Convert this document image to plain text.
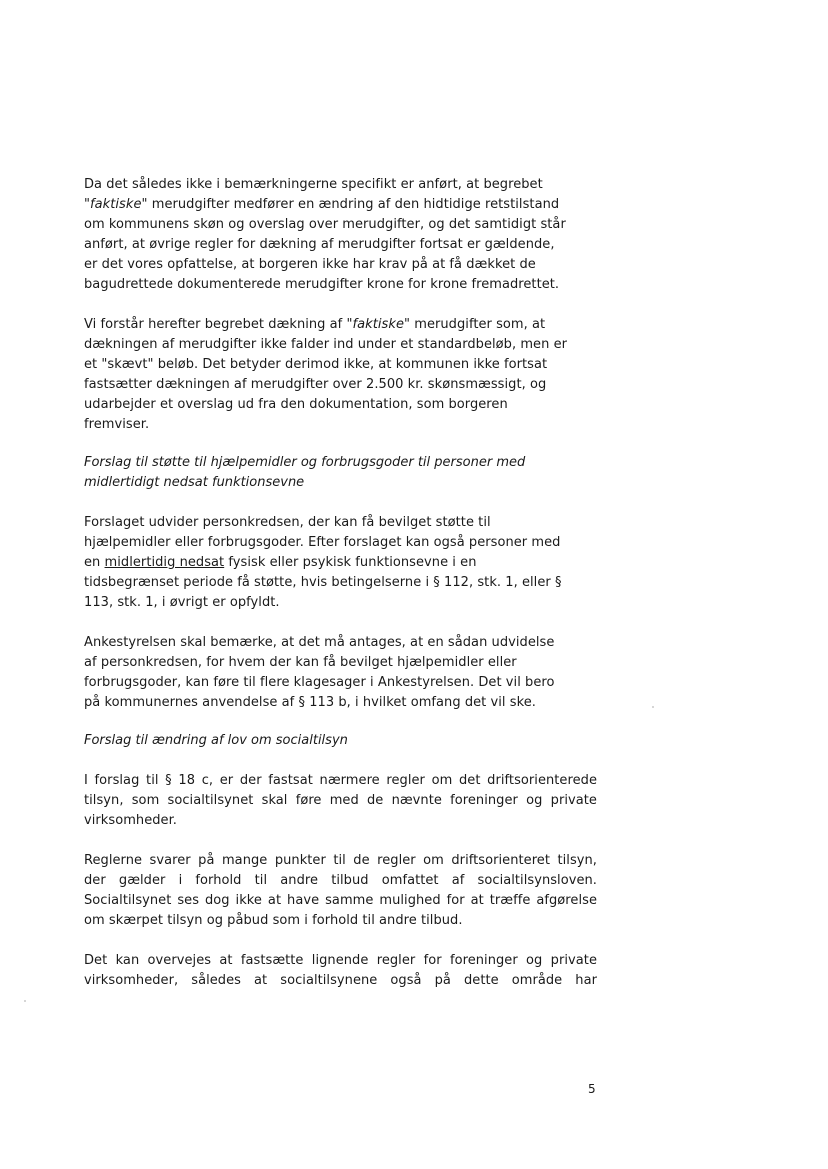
Da det således ikke i bemærkningerne specifikt er anført, at begrebet
"faktiske" merudgifter medfører en ændring af den hidtidige retstilstand
om kommunens skøn og overslag over merudgifter, og det samtidigt står
anført, at øvrige regler for dækning af merudgifter fortsat er gældende,
er det vores opfattelse, at borgeren ikke har krav på at få dækket de
bagudrettede dokumenterede merudgifter krone for krone fremadrettet.

Vi forstår herefter begrebet dækning af "faktiske" merudgifter som, at
dækningen af merudgifter ikke falder ind under et standardbeløb, men er
et "skævt" beløb. Det betyder derimod ikke, at kommunen ikke fortsat
fastsætter dækningen af merudgifter over 2.500 kr. skønsmæssigt, og
udarbejder et overslag ud fra den dokumentation, som borgeren
fremviser.

Forslag til støtte til hjælpemidler og forbrugsgoder til personer med
midlertidigt nedsat funktionsevne

Forslaget udvider personkredsen, der kan få bevilget støtte til
hjælpemidler eller forbrugsgoder. Efter forslaget kan også personer med
en midlertidig nedsat fysisk eller psykisk funktionsevne i en
tidsbegrænset periode få støtte, hvis betingelserne i § 112, stk. 1, eller §
113, stk. 1, i øvrigt er opfyldt.

Ankestyrelsen skal bemærke, at det må antages, at en sådan udvidelse
af personkredsen, for hvem der kan få bevilget hjælpemidler eller
forbrugsgoder, kan føre til flere klagesager i Ankestyrelsen. Det vil bero
på kommunernes anvendelse af § 113 b, i hvilket omfang det vil ske.

Forslag til ændring af lov om socialtilsyn

I forslag til § 18 c, er der fastsat nærmere regler om det driftsorienterede
tilsyn, som socialtilsynet skal føre med de nævnte foreninger og private
virksomheder.

Reglerne svarer på mange punkter til de regler om driftsorienteret tilsyn,
der gælder i forhold til andre tilbud omfattet af socialtilsynsloven.
Socialtilsynet ses dog ikke at have samme mulighed for at træffe afgørelse
om skærpet tilsyn og påbud som i forhold til andre tilbud.

Det kan overvejes at fastsætte lignende regler for foreninger og private
virksomheder, således at socialtilsynene også på dette område har

5
